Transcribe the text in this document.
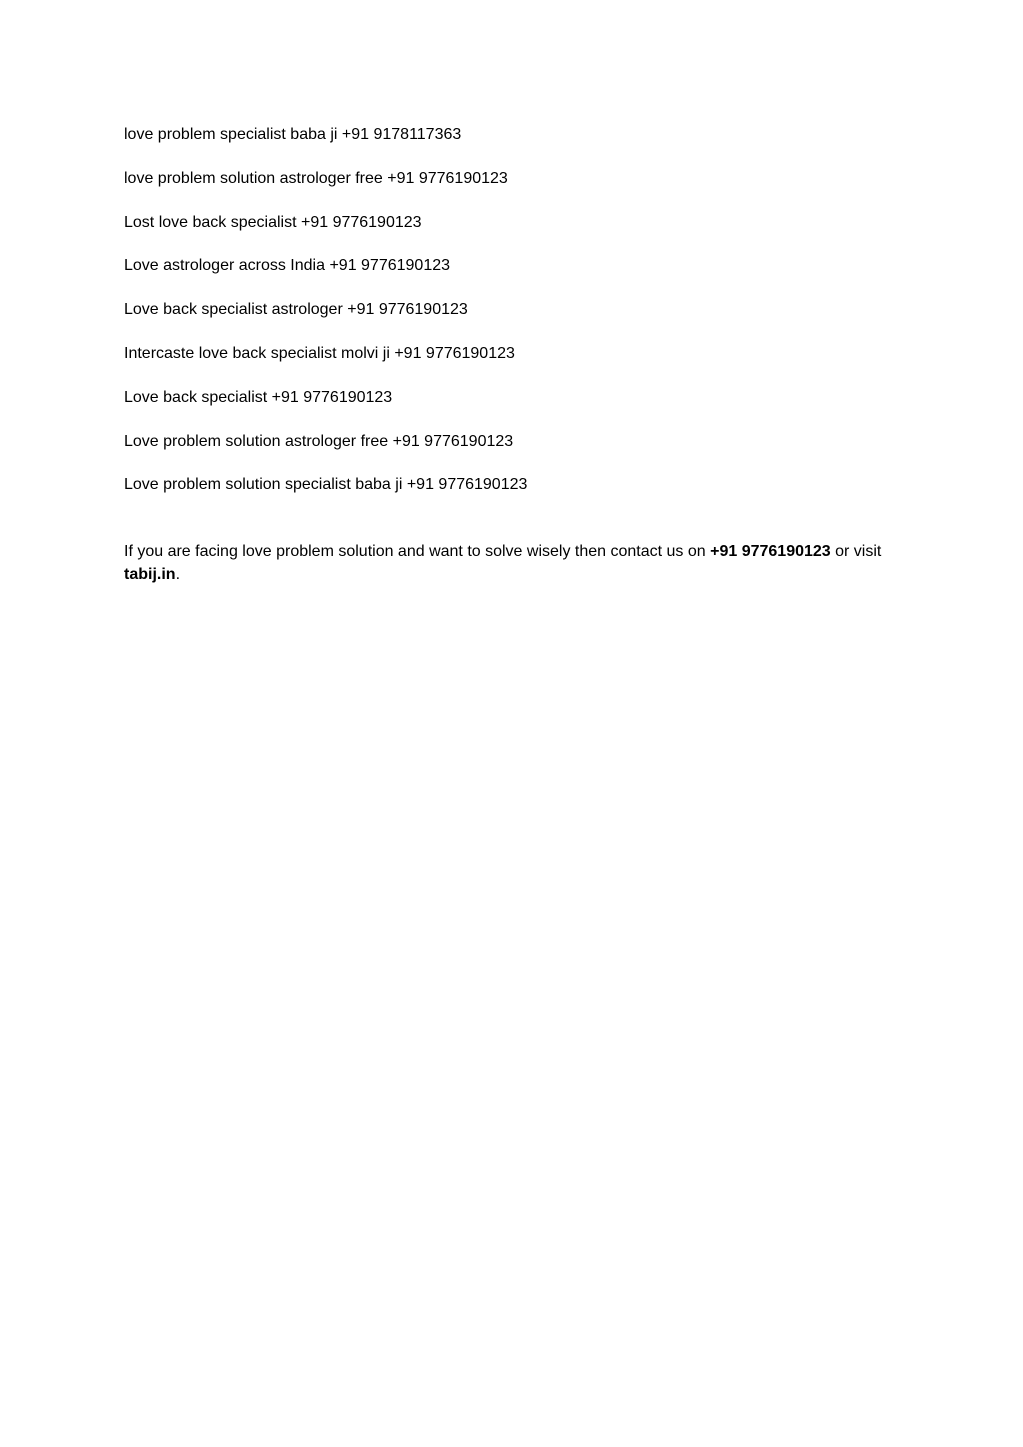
love problem specialist baba ji +91 9178117363
love problem solution astrologer free +91 9776190123
Lost love back specialist +91 9776190123
Love astrologer across India +91 9776190123
Love back specialist astrologer +91 9776190123
Intercaste love back specialist molvi ji +91 9776190123
Love back specialist +91 9776190123
Love problem solution astrologer free +91 9776190123
Love problem solution specialist baba ji +91 9776190123

If you are facing love problem solution and want to solve wisely then contact us on +91 9776190123 or visit tabij.in.
